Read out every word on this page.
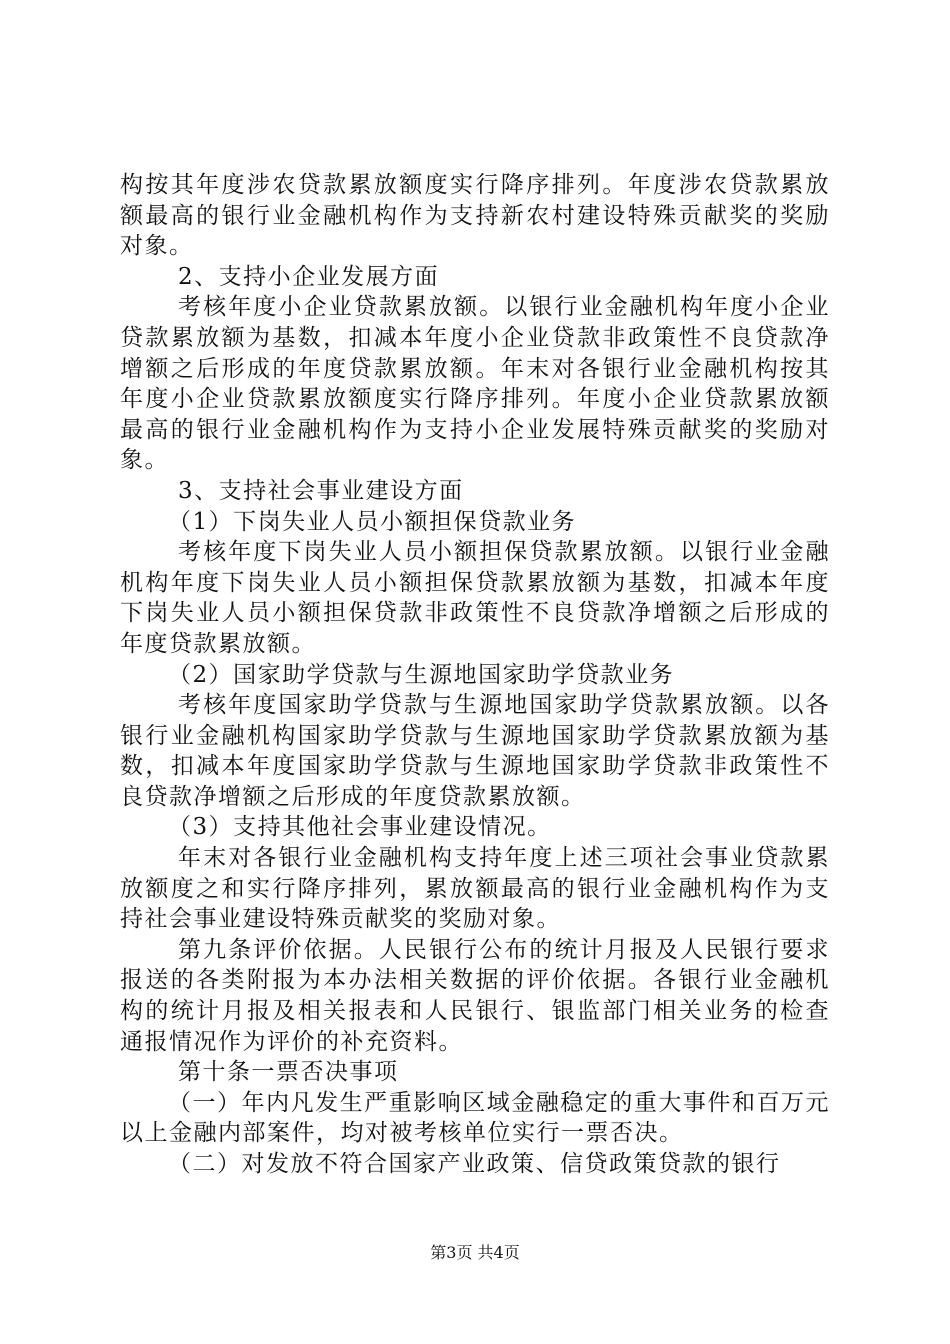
构按其年度涉农贷款累放额度实行降序排列。年度涉农贷款累放额最高的银行业金融机构作为支持新农村建设特殊贡献奖的奖励对象。

2、支持小企业发展方面

考核年度小企业贷款累放额。以银行业金融机构年度小企业贷款累放额为基数，扣减本年度小企业贷款非政策性不良贷款净增额之后形成的年度贷款累放额。年末对各银行业金融机构按其年度小企业贷款累放额度实行降序排列。年度小企业贷款累放额最高的银行业金融机构作为支持小企业发展特殊贡献奖的奖励对象。

3、支持社会事业建设方面

（1）下岗失业人员小额担保贷款业务

考核年度下岗失业人员小额担保贷款累放额。以银行业金融机构年度下岗失业人员小额担保贷款累放额为基数，扣减本年度下岗失业人员小额担保贷款非政策性不良贷款净增额之后形成的年度贷款累放额。

（2）国家助学贷款与生源地国家助学贷款业务

考核年度国家助学贷款与生源地国家助学贷款累放额。以各银行业金融机构国家助学贷款与生源地国家助学贷款累放额为基数，扣减本年度国家助学贷款与生源地国家助学贷款非政策性不良贷款净增额之后形成的年度贷款累放额。

（3）支持其他社会事业建设情况。

年末对各银行业金融机构支持年度上述三项社会事业贷款累放额度之和实行降序排列，累放额最高的银行业金融机构作为支持社会事业建设特殊贡献奖的奖励对象。

第九条评价依据。人民银行公布的统计月报及人民银行要求报送的各类附报为本办法相关数据的评价依据。各银行业金融机构的统计月报及相关报表和人民银行、银监部门相关业务的检查通报情况作为评价的补充资料。

第十条一票否决事项

（一）年内凡发生严重影响区域金融稳定的重大事件和百万元以上金融内部案件，均对被考核单位实行一票否决。

（二）对发放不符合国家产业政策、信贷政策贷款的银行

第3页 共4页
